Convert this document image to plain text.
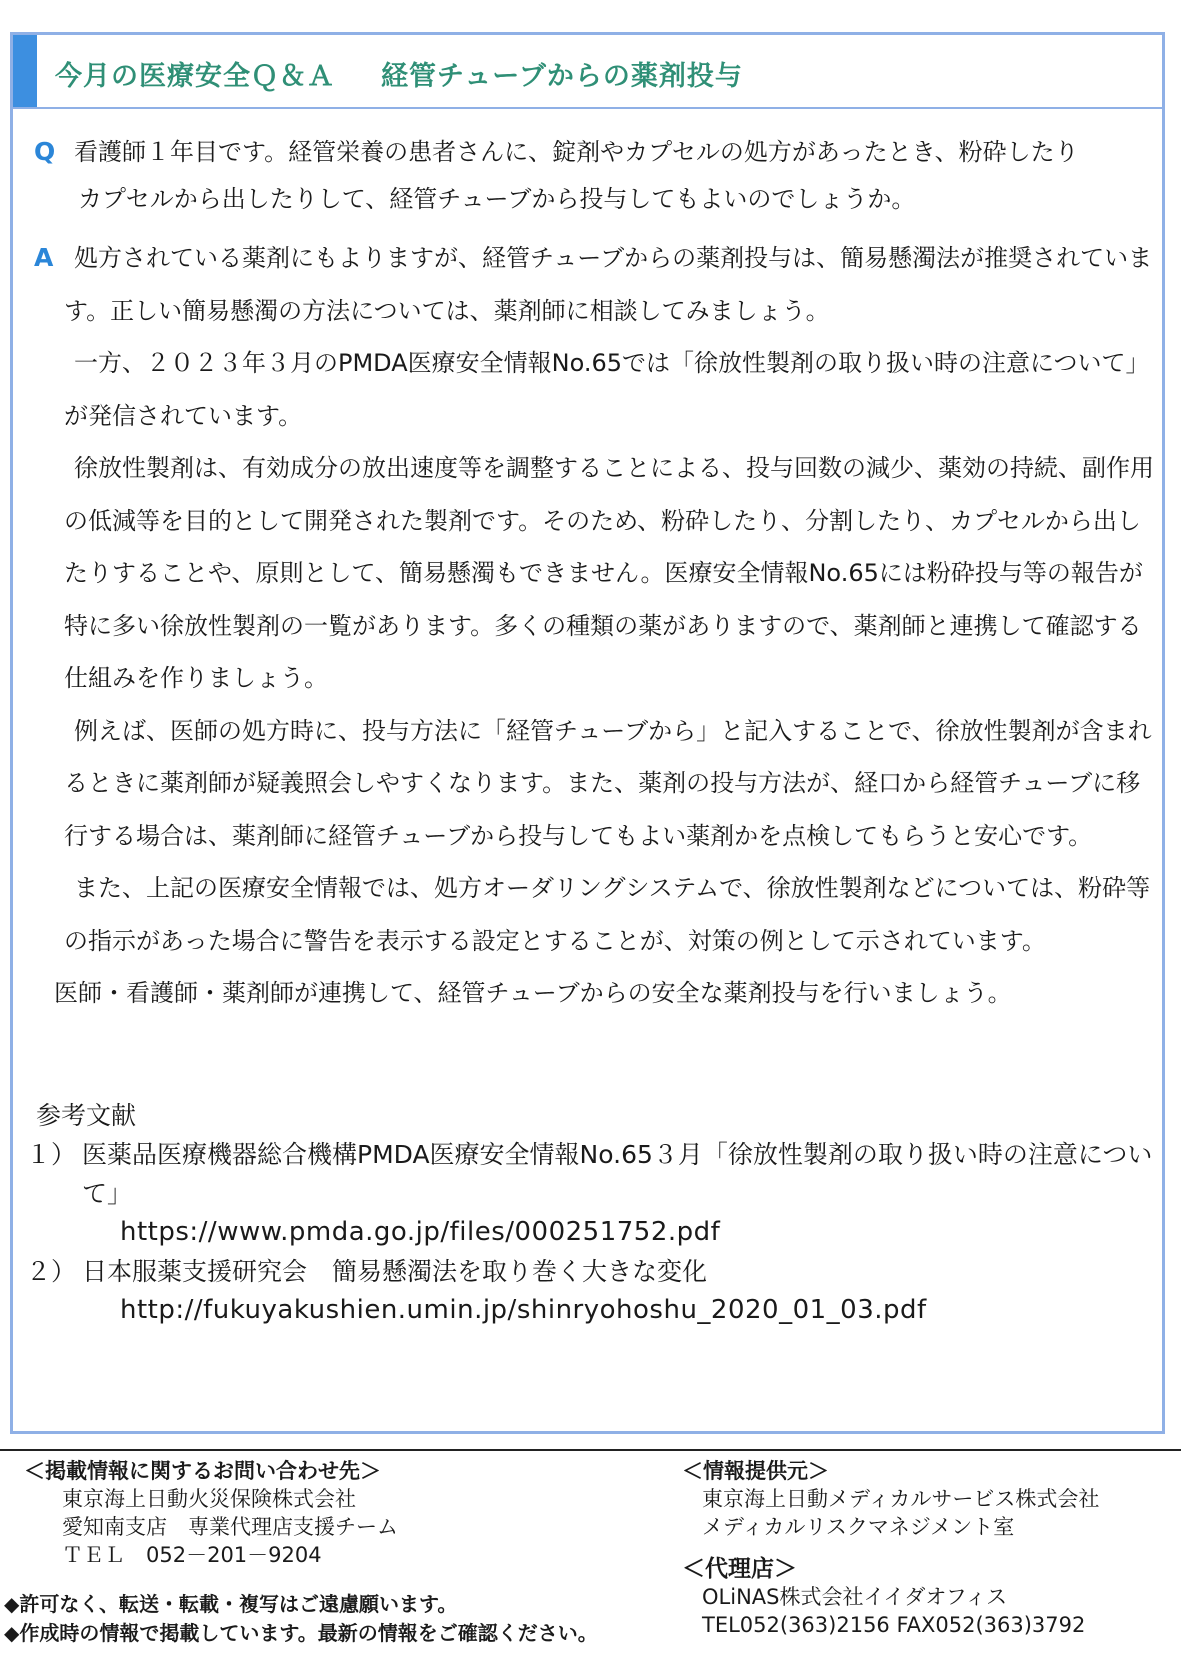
今月の医療安全Ｑ＆Ａ 経管チューブからの薬剤投与

Q 看護師１年目です。経管栄養の患者さんに、錠剤やカプセルの処方があったとき、粉砕したり

カプセルから出したりして、経管チューブから投与してもよいのでしょうか。

A 処方されている薬剤にもよりますが、経管チューブからの薬剤投与は、簡易懸濁法が推奨されています。正しい簡易懸濁の方法については、薬剤師に相談してみましょう。

一方、２０２３年３月のPMDA医療安全情報No.65では「徐放性製剤の取り扱い時の注意について」が発信されています。

徐放性製剤は、有効成分の放出速度等を調整することによる、投与回数の減少、薬効の持続、副作用の低減等を目的として開発された製剤です。そのため、粉砕したり、分割したり、カプセルから出したりすることや、原則として、簡易懸濁もできません。医療安全情報No.65には粉砕投与等の報告が特に多い徐放性製剤の一覧があります。多くの種類の薬がありますので、薬剤師と連携して確認する仕組みを作りましょう。

例えば、医師の処方時に、投与方法に「経管チューブから」と記入することで、徐放性製剤が含まれるときに薬剤師が疑義照会しやすくなります。また、薬剤の投与方法が、経口から経管チューブに移行する場合は、薬剤師に経管チューブから投与してもよい薬剤かを点検してもらうと安心です。

また、上記の医療安全情報では、処方オーダリングシステムで、徐放性製剤などについては、粉砕等の指示があった場合に警告を表示する設定とすることが、対策の例として示されています。

医師・看護師・薬剤師が連携して、経管チューブからの安全な薬剤投与を行いましょう。

参考文献
１） 医薬品医療機器総合機構PMDA医療安全情報No.65３月「徐放性製剤の取り扱い時の注意について」
https://www.pmda.go.jp/files/000251752.pdf
２） 日本服薬支援研究会　簡易懸濁法を取り巻く大きな変化
http://fukuyakushien.umin.jp/shinryohoshu_2020_01_03.pdf
＜掲載情報に関するお問い合わせ先＞
東京海上日動火災保険株式会社
愛知南支店　専業代理店支援チーム
ＴＥＬ　052－201－9204
＜情報提供元＞
東京海上日動メディカルサービス株式会社
メディカルリスクマネジメント室
＜代理店＞
OLiNAS株式会社イイダオフィス
TEL052(363)2156 FAX052(363)3792
◆許可なく、転送・転載・複写はご遠慮願います。
◆作成時の情報で掲載しています。最新の情報をご確認ください。
